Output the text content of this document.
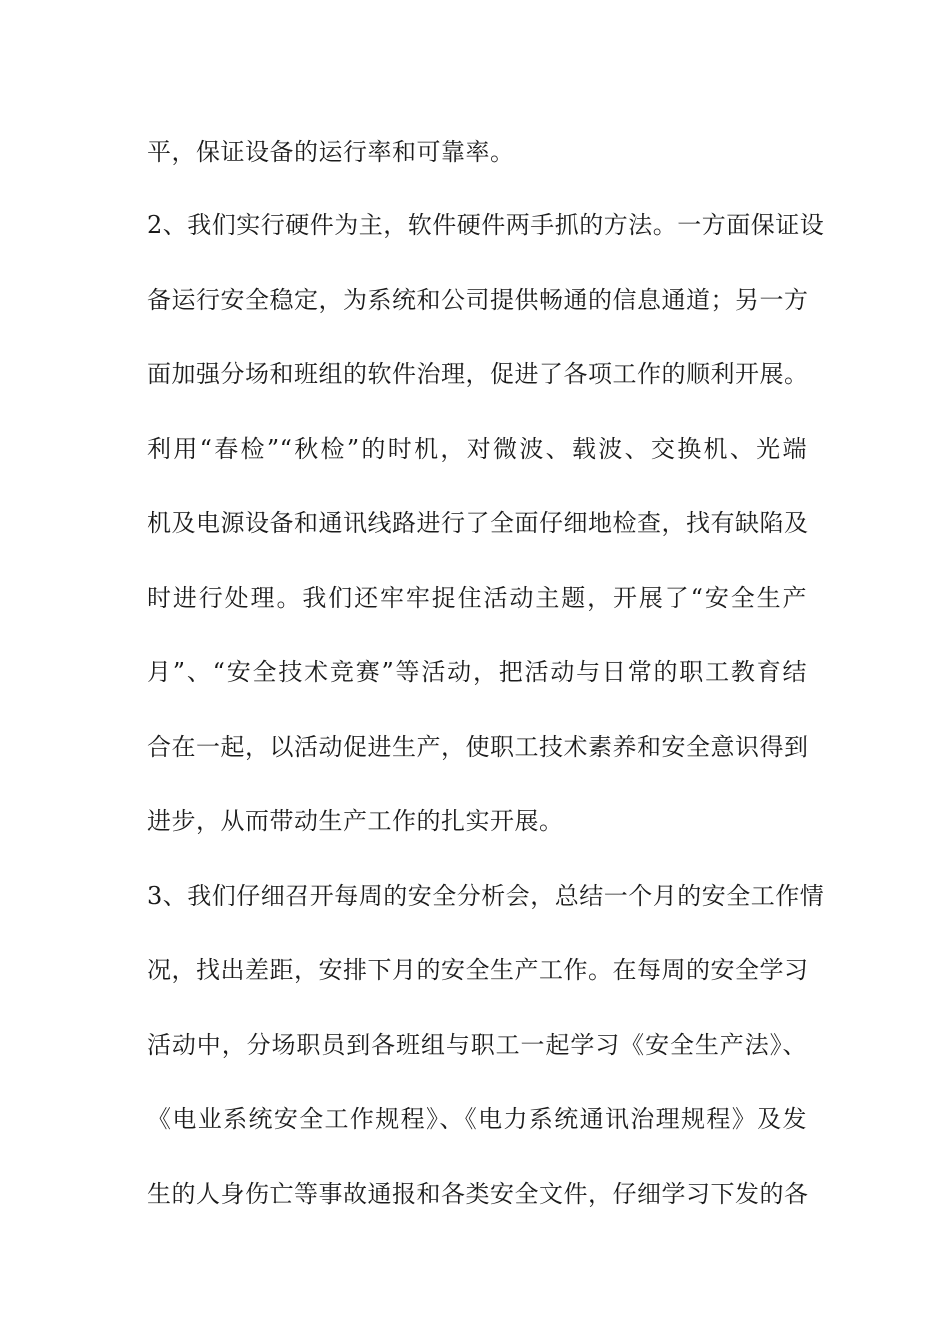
平，保证设备的运行率和可靠率。
2、我们实行硬件为主，软件硬件两手抓的方法。一方面保证设
备运行安全稳定，为系统和公司提供畅通的信息通道；另一方
面加强分场和班组的软件治理，促进了各项工作的顺利开展。
利用“春检”“秋检”的时机，对微波、载波、交换机、光端
机及电源设备和通讯线路进行了全面仔细地检查，找有缺陷及
时进行处理。我们还牢牢捉住活动主题，开展了“安全生产
月”、“安全技术竞赛”等活动，把活动与日常的职工教育结
合在一起，以活动促进生产，使职工技术素养和安全意识得到
进步，从而带动生产工作的扎实开展。
3、我们仔细召开每周的安全分析会，总结一个月的安全工作情
况，找出差距，安排下月的安全生产工作。在每周的安全学习
活动中，分场职员到各班组与职工一起学习《安全生产法》、
《电业系统安全工作规程》、《电力系统通讯治理规程》及发
生的人身伤亡等事故通报和各类安全文件，仔细学习下发的各
